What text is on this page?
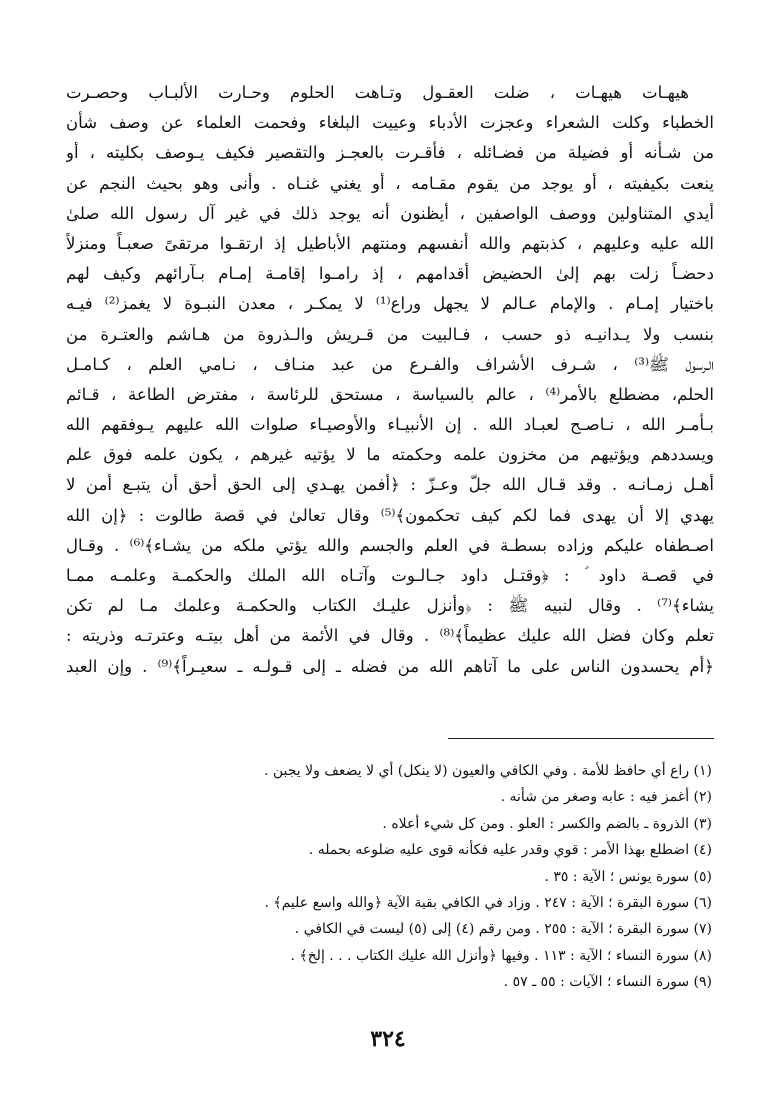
هيهـات هيهـات ، ضلت العقـول وتـاهت الحلوم وحـارت الألبـاب وحصـرت
الخطباء وكلت الشعراء وعجزت الأدباء وعييت البلغاء وفحمت العلماء عن وصف شأن
من شـأنه أو فضيلة من فضـائله ، فأقـرت بالعجـز والتقصير فكيف يـوصف بكليته ، أو
ينعت بكيفيته ، أو يوجد من يقوم مقـامه ، أو يغني غنـاه . وأنى وهو بحيث النجم عن
أيدي المتناولين ووصف الواصفين ، أيظنون أنه يوجد ذلك في غير آل رسول الله صلىٰ
الله عليه وعليهم ، كذبتهم والله أنفسهم ومنتهم الأباطيل إذ ارتقـوا مرتقىً صعبـاً ومنزلاً
دحضـاً زلت بهم إلىٰ الحضيض أقدامهم ، إذ رامـوا إقامـة إمـام بـآرائهم وكيف لهم
باختيار إمـام . والإمام عـالم لا يجهل وراع⁽¹⁾ لا يمكـر ، معدن النبـوة لا يغمز⁽²⁾ فيـه
بنسب ولا يـدانيـه ذو حسب ، فـالبيت من قـريش والـذروة من هـاشم والعتـرة من
الـرسول ﷺ⁽³⁾ ، شـرف الأشراف والفـرع من عبد منـاف ، نـامي العلم ، كـامـل
الحلم، مضطلع بالأمر⁽⁴⁾ ، عالم بالسياسة ، مستحق للرئاسة ، مفترض الطاعة ، قـائم
بـأمـر الله ، نـاصـح لعبـاد الله . إن الأنبيـاء والأوصيـاء صلوات الله عليهم يـوفقهم الله
ويسددهم ويؤتيهم من مخزون علمه وحكمته ما لا يؤتيه غيرهم ، يكون علمه فوق علم
أهـل زمـانـه . وقد قـال الله جلّ وعـزّ : ﴿أفمن يهـدي إلى الحق أحق أن يتبـع أمن لا
يهدي إلا أن يهدى فما لكم كيف تحكمون﴾⁽⁵⁾ وقال تعالىٰ في قصة طالوت : ﴿إن الله
اصـطفاه عليكم وزاده بسطـة في العلم والجسم والله يؤتي ملكه من يشـاء﴾⁽⁶⁾ . وقـال
في قصـة داود ؑ : ﴿وقتـل داود جـالـوت وآتـاه الله الملك والحكمـة وعلمـه ممـا
يشاء﴾⁽⁷⁾ . وقال لنبيه ﷺ : ﴿وأنزل عليـك الكتاب والحكمـة وعلمك مـا لم تكن
تعلم وكان فضل الله عليك عظيماً﴾⁽⁸⁾ . وقال في الأئمة من أهل بيتـه وعترتـه وذريته :
﴿أم يحسدون الناس على ما آتاهم الله من فضله ـ إلى قـولـه ـ سعيـراً﴾⁽⁹⁾ . وإن العبد
(١) راع أي حافظ للأمة . وفي الكافي والعيون (لا ينكل) أي لا يضعف ولا يجبن .
(٢) أغمز فيه : عابه وصغر من شأنه .
(٣) الذروة ـ بالضم والكسر : العلو . ومن كل شيء أعلاه .
(٤) اضطلع بهذا الأمر : قوي وقدر عليه فكأنه قوى عليه ضلوعه بحمله .
(٥) سورة يونس ؛ الآية : ٣٥ .
(٦) سورة البقرة ؛ الآية : ٢٤٧ . وزاد في الكافي بقية الآية ﴿والله واسع عليم﴾ .
(٧) سورة البقرة ؛ الآية : ٢٥٥ . ومن رقم (٤) إلى (٥) ليست في الكافي .
(٨) سورة النساء ؛ الآية : ١١٣ . وفيها ﴿وأنزل الله عليك الكتاب . . . إلخ﴾ .
(٩) سورة النساء ؛ الآيات : ٥٥ ـ ٥٧ .
٣٢٤
